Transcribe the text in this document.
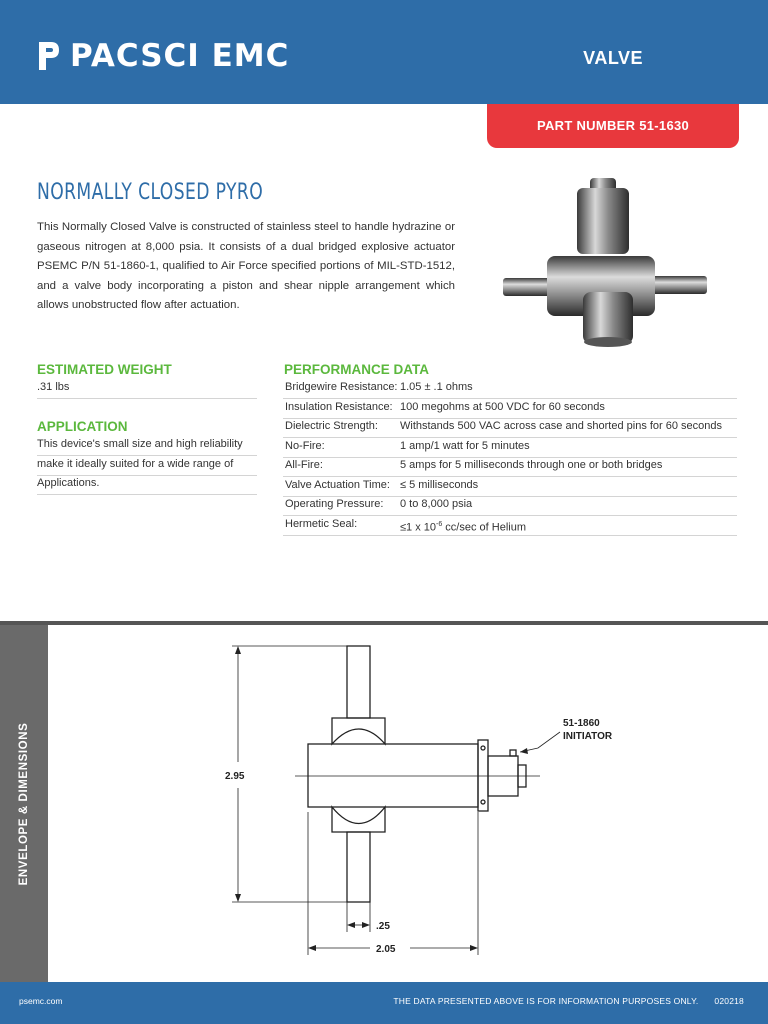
PACSCI EMC	VALVE
PART NUMBER 51-1630
NORMALLY CLOSED PYRO
This Normally Closed Valve is constructed of stainless steel to handle hydrazine or gaseous nitrogen at 8,000 psia. It consists of a dual bridged explosive actuator PSEMC P/N 51-1860-1, qualified to Air Force specified portions of MIL-STD-1512, and a valve body incorporating a piston and shear nipple arrangement which allows unobstructed flow after actuation.
ESTIMATED WEIGHT
.31 lbs
APPLICATION
This device's small size and high reliability
make it ideally suited for a wide range of
Applications.
PERFORMANCE DATA
Bridgewire Resistance: 1.05 ± .1 ohms
Insulation Resistance: 100 megohms at 500 VDC for 60 seconds
Dielectric Strength: Withstands 500 VAC across case and shorted pins for 60 seconds
No-Fire:	1 amp/1 watt for 5 minutes
All-Fire:	5 amps for 5 milliseconds through one or both bridges
Valve Actuation Time: ≤ 5 milliseconds
Operating Pressure: 0 to 8,000 psia
Hermetic Seal:	≤1 x $10^{-6}$ cc/sec of Helium
ENVELOPE & DIMENSIONS	2.95
.25
2.05
51-1860
INITIATOR
psemc.com	THE DATA PRESENTED ABOVE IS FOR INFORMATION PURPOSES ONLY. 020218
